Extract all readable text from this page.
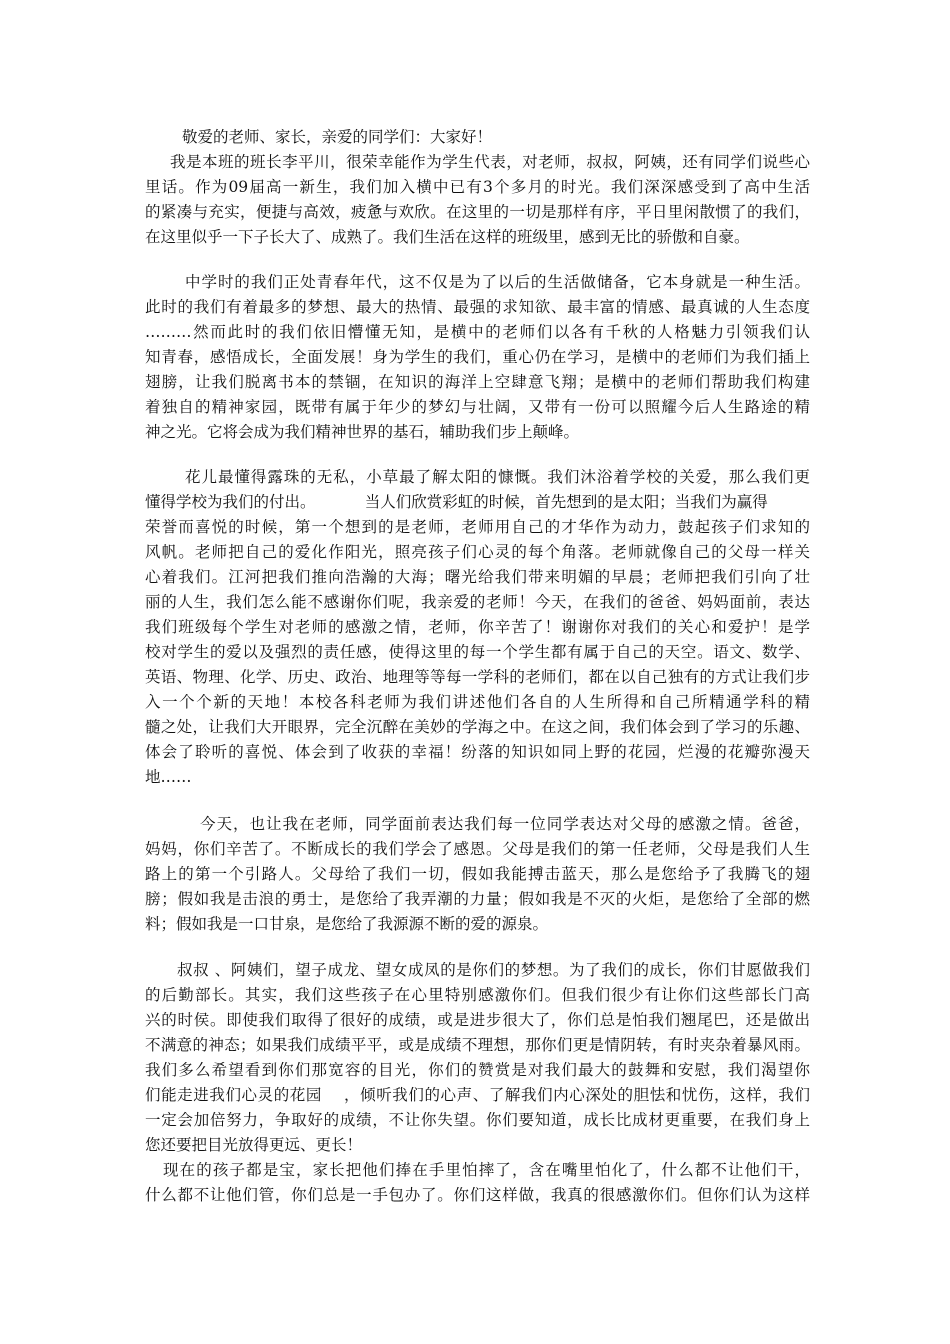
敬爱的老师、家长，亲爱的同学们：大家好！
我是本班的班长李平川，很荣幸能作为学生代表，对老师，叔叔，阿姨，还有同学们说些心
里话。作为09届高一新生，我们加入横中已有3个多月的时光。我们深深感受到了高中生活
的紧凑与充实，便捷与高效，疲惫与欢欣。在这里的一切是那样有序，平日里闲散惯了的我们，
在这里似乎一下子长大了、成熟了。我们生活在这样的班级里，感到无比的骄傲和自豪。
中学时的我们正处青春年代，这不仅是为了以后的生活做储备，它本身就是一种生活。
此时的我们有着最多的梦想、最大的热情、最强的求知欲、最丰富的情感、最真诚的人生态度
………然而此时的我们依旧懵懂无知，是横中的老师们以各有千秋的人格魅力引领我们认
知青春，感悟成长，全面发展！身为学生的我们，重心仍在学习，是横中的老师们为我们插上
翅膀，让我们脱离书本的禁锢，在知识的海洋上空肆意飞翔；是横中的老师们帮助我们构建
着独自的精神家园，既带有属于年少的梦幻与壮阔，又带有一份可以照耀今后人生路途的精
神之光。它将会成为我们精神世界的基石，辅助我们步上颠峰。
花儿最懂得露珠的无私，小草最了解太阳的慷慨。我们沐浴着学校的关爱，那么我们更
懂得学校为我们的付出。          当人们欣赏彩虹的时候，首先想到的是太阳；当我们为赢得
荣誉而喜悦的时候，第一个想到的是老师，老师用自己的才华作为动力，鼓起孩子们求知的
风帆。老师把自己的爱化作阳光，照亮孩子们心灵的每个角落。老师就像自己的父母一样关
心着我们。江河把我们推向浩瀚的大海；曙光给我们带来明媚的早晨；老师把我们引向了壮
丽的人生，我们怎么能不感谢你们呢，我亲爱的老师！今天，在我们的爸爸、妈妈面前，表达
我们班级每个学生对老师的感激之情，老师，你辛苦了！谢谢你对我们的关心和爱护！是学
校对学生的爱以及强烈的责任感，使得这里的每一个学生都有属于自己的天空。语文、数学、
英语、物理、化学、历史、政治、地理等等每一学科的老师们，都在以自己独有的方式让我们步
入一个个新的天地！本校各科老师为我们讲述他们各自的人生所得和自己所精通学科的精
髓之处，让我们大开眼界，完全沉醉在美妙的学海之中。在这之间，我们体会到了学习的乐趣、
体会了聆听的喜悦、体会到了收获的幸福！纷落的知识如同上野的花园，烂漫的花瓣弥漫天
地……
今天，也让我在老师，同学面前表达我们每一位同学表达对父母的感激之情。爸爸，
妈妈，你们辛苦了。不断成长的我们学会了感恩。父母是我们的第一任老师，父母是我们人生
路上的第一个引路人。父母给了我们一切，假如我能搏击蓝天，那么是您给予了我腾飞的翅
膀；假如我是击浪的勇士，是您给了我弄潮的力量；假如我是不灭的火炬，是您给了全部的燃
料；假如我是一口甘泉，是您给了我源源不断的爱的源泉。
叔叔 、阿姨们，望子成龙、望女成凤的是你们的梦想。为了我们的成长，你们甘愿做我们
的后勤部长。其实，我们这些孩子在心里特别感激你们。但我们很少有让你们这些部长门高
兴的时侯。即使我们取得了很好的成绩，或是进步很大了，你们总是怕我们翘尾巴，还是做出
不满意的神态；如果我们成绩平平，或是成绩不理想，那你们更是情阴转，有时夹杂着暴风雨。
我们多么希望看到你们那宽容的目光，你们的赞赏是对我们最大的鼓舞和安慰，我们渴望你
们能走进我们心灵的花园    ，倾听我们的心声、了解我们内心深处的胆怯和忧伤，这样，我们
一定会加倍努力，争取好的成绩，不让你失望。你们要知道，成长比成材更重要，在我们身上
您还要把目光放得更远、更长！
现在的孩子都是宝，家长把他们捧在手里怕摔了，含在嘴里怕化了，什么都不让他们干，
什么都不让他们管，你们总是一手包办了。你们这样做，我真的很感激你们。但你们认为这样
